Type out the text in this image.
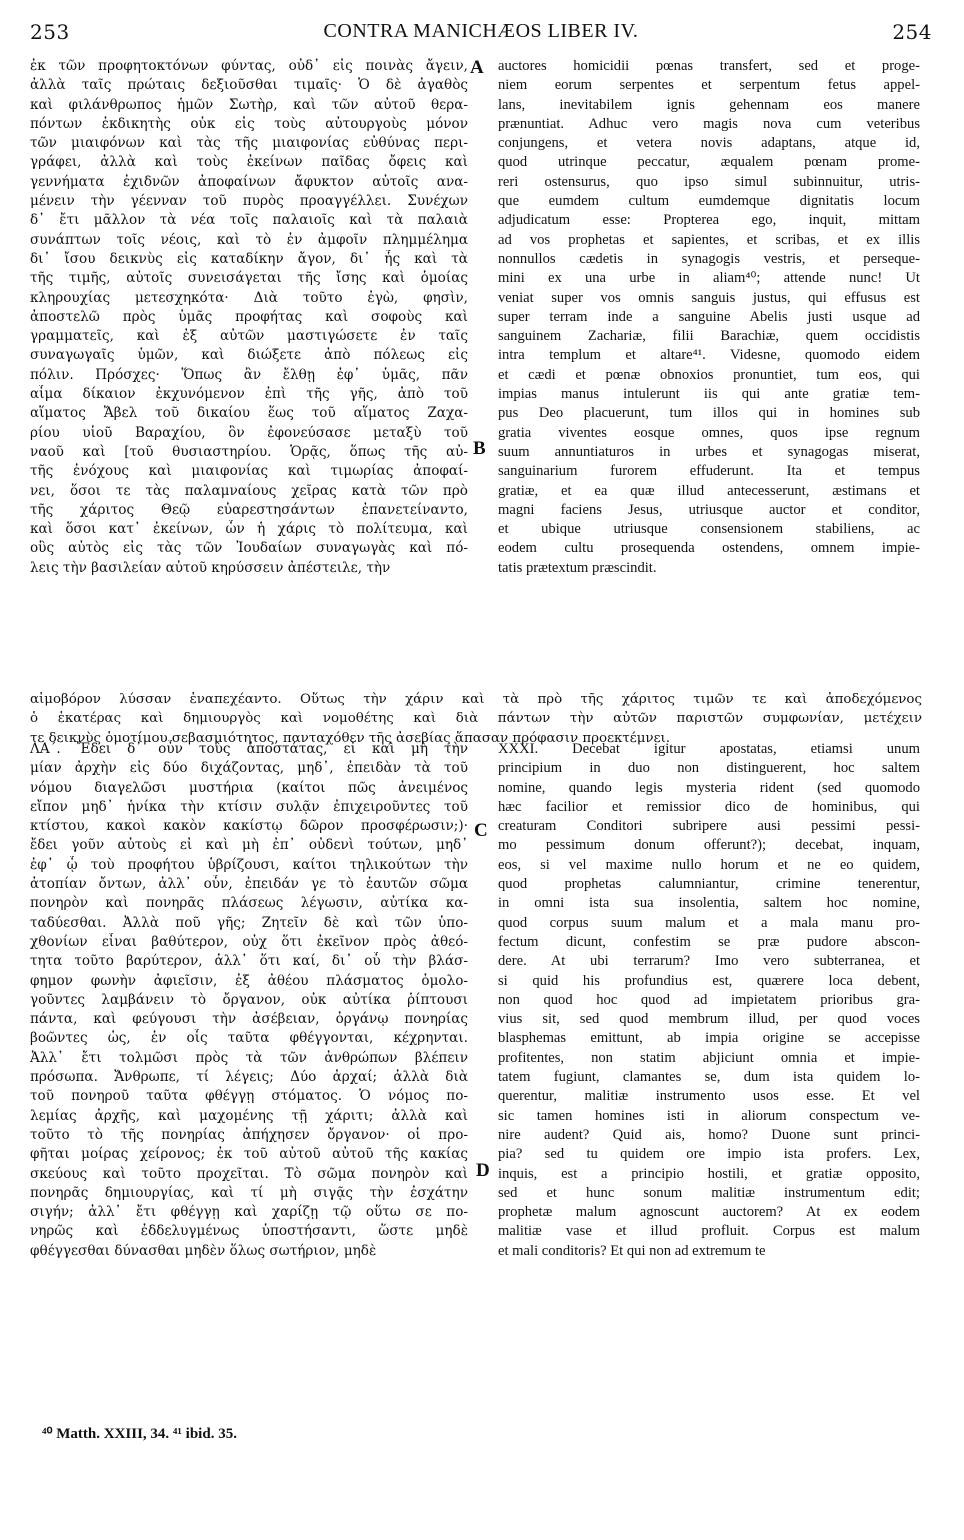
253	CONTRA MANICHÆOS LIBER IV.	254
ἐκ τῶν προφητοκτόνων φύντας, οὐδ᾽ εἰς ποινὰς ἄγειν,
ἀλλὰ ταῖς πρώταις δεξιοῦσθαι τιμαῖς· Ὁ δὲ ἀγαθὸς
καὶ φιλάνθρωπος ἡμῶν Σωτὴρ, καὶ τῶν αὐτοῦ θερα-
πόντων ἐκδικητὴς οὐκ εἰς τοὺς αὐτουργοὺς μόνον
τῶν μιαιφόνων καὶ τὰς τῆς μιαιφονίας εὐθύνας περι-
γράφει, ἀλλὰ καὶ τοὺς ἐκείνων παῖδας ὄφεις καὶ
γεννήματα ἐχιδνῶν ἀποφαίνων ἄφυκτον αὐτοῖς ανα-
μένειν τὴν γέενναν τοῦ πυρὸς προαγγέλλει. Συνέχων
δ᾽ ἔτι μᾶλλον τὰ νέα τοῖς παλαιοῖς καὶ τὰ παλαιὰ
συνάπτων τοῖς νέοις, καὶ τὸ ἐν ἀμφοῖν πλημμέλημα
δι᾽ ἴσου δεικνὺς εἰς καταδίκην ἄγον, δι᾽ ἧς καὶ τὰ
τῆς τιμῆς, αὐτοῖς συνεισάγεται τῆς ἴσης καὶ ὁμοίας
κληρουχίας μετεσχηκότα· Διὰ τοῦτο ἐγὼ, φησὶν,
ἀποστελῶ πρὸς ὑμᾶς προφήτας καὶ σοφοὺς καὶ
γραμματεῖς, καὶ ἐξ αὐτῶν μαστιγώσετε ἐν ταῖς
συναγωγαῖς ὑμῶν, καὶ διώξετε ἀπὸ πόλεως εἰς
πόλιν. Πρόσχες· Ὅπως ἂν ἔλθῃ ἐφ᾽ ὑμᾶς, πᾶν
αἷμα δίκαιον ἐκχυνόμενον ἐπὶ τῆς γῆς, ἀπὸ τοῦ
αἵματος Ἄβελ τοῦ δικαίου ἕως τοῦ αἵματος Ζαχα-
ρίου υἱοῦ Βαραχίου, ὃν ἐφονεύσασε μεταξὺ τοῦ
ναοῦ καὶ [τοῦ θυσιαστηρίου. Ὁρᾷς, ὅπως τῆς αὐ-
τῆς ἐνόχους καὶ μιαιφονίας καὶ τιμωρίας ἀποφαί-
νει, ὅσοι τε τὰς παλαμναίους χεῖρας κατὰ τῶν πρὸ
τῆς χάριτος Θεῷ εὐαρεστησάντων ἐπανετείναντο,
καὶ ὅσοι κατ᾽ ἐκείνων, ὧν ἡ χάρις τὸ πολίτευμα, καὶ
οὓς αὐτὸς εἰς τὰς τῶν Ἰουδαίων συναγωγὰς καὶ πό-
λεις τὴν βασιλείαν αὐτοῦ κηρύσσειν ἀπέστειλε, τὴν
auctores homicidii pœnas transfert, sed et proge-
niem eorum serpentes et serpentum fetus appel-
lans, inevitabilem ignis gehennam eos manere
prænuntiat. Adhuc vero magis nova cum veteribus
conjungens, et vetera novis adaptans, atque id,
quod utrinque peccatur, æqualem pœnam prome-
reri ostensurus, quo ipso simul subinnuitur, utris-
que eumdem cultum eumdemque dignitatis locum
adjudicatum esse: Propterea ego, inquit, mittam
ad vos prophetas et sapientes, et scribas, et ex illis
nonnullos cædetis in synagogis vestris, et perseque-
mini ex una urbe in aliam⁴⁰; attende nunc! Ut
veniat super vos omnis sanguis justus, qui effusus est
super terram inde a sanguine Abelis justi usque ad
sanguinem Zachariæ, filii Barachiæ, quem occidistis
intra templum et altare⁴¹. Videsne, quomodo eidem
et cædi et pœnæ obnoxios pronuntiet, tum eos, qui
impias manus intulerunt iis qui ante gratiæ tem-
pus Deo placuerunt, tum illos qui in homines sub
gratia viventes eosque omnes, quos ipse regnum
suum annuntiaturos in urbes et synagogas miserat,
sanguinarium furorem effuderunt. Ita et tempus
gratiæ, et ea quæ illud antecesserunt, æstimans et
magni faciens Jesus, utriusque auctor et conditor,
et ubique utriusque consensionem stabiliens, ac
eodem cultu prosequenda ostendens, omnem impie-
tatis prætextum præscindit.
αἱμοβόρον λύσσαν ἐναπεχέαντο. Οὕτως τὴν χάριν καὶ τὰ πρὸ τῆς χάριτος τιμῶν τε καὶ ἀποδεχόμενος
ὁ ἑκατέρας καὶ δημιουργὸς καὶ νομοθέτης καὶ διὰ πάντων τὴν αὐτῶν παριστῶν συμφωνίαν, μετέχειν
τε δεικνὺς ὁμοτίμου σεβασμιότητος, πανταχόθεν τῆς ἀσεβίας ἅπασαν πρόφασιν προεκτέμνει.
ΛΑ΄. Ἔδει δ᾽ οὖν τοὺς ἀποστάτας, εἰ καὶ μὴ τὴν
μίαν ἀρχὴν εἰς δύο διχάζοντας, μηδ᾽, ἐπειδὰν τὰ τοῦ
νόμου διαγελῶσι μυστήρια (καίτοι πῶς ἀνειμένος
εἴπον μηδ᾽ ἡνίκα τὴν κτίσιν συλᾷν ἐπιχειροῦντες τοῦ
κτίστου, κακοὶ κακὸν κακίστῳ δῶρον προσφέρωσιν;)·
ἔδει γοῦν αὐτοὺς εἰ καὶ μὴ ἐπ᾽ οὐδενὶ τούτων, μηδ᾽
ἐφ᾽ ᾧ τοὺ προφήτου ὑβρίζουσι, καίτοι τηλικούτων τὴν
ἀτοπίαν ὄντων, ἀλλ᾽ οὖν, ἐπειδάν γε τὸ ἑαυτῶν σῶμα
πονηρὸν καὶ πονηρᾶς πλάσεως λέγωσιν, αὐτίκα κα-
ταδύεσθαι. Ἀλλὰ ποῦ γῆς; Ζητεῖν δὲ καὶ τῶν ὑπο-
χθονίων εἶναι βαθύτερον, οὐχ ὅτι ἐκεῖνον πρὸς ἀθεό-
τητα τοῦτο βαρύτερον, ἀλλ᾽ ὅτι καί, δι᾽ οὗ τὴν βλάσ-
φημον φωνὴν ἀφιεῖσιν, ἐξ ἀθέου πλάσματος ὁμολο-
γοῦντες λαμβάνειν τὸ ὄργανον, οὐκ αὐτίκα ῥίπτουσι
πάντα, καὶ φεύγουσι τὴν ἀσέβειαν, ὀργάνῳ πονηρίας
βοῶντες ὡς, ἐν οἷς ταῦτα φθέγγονται, κέχρηνται.
Ἀλλ᾽ ἔτι τολμῶσι πρὸς τὰ τῶν ἀνθρώπων βλέπειν
πρόσωπα. Ἄνθρωπε, τί λέγεις; Δύο ἀρχαί; ἀλλὰ διὰ
τοῦ πονηροῦ ταῦτα φθέγγῃ στόματος. Ὁ νόμος πο-
λεμίας ἀρχῆς, καὶ μαχομένης τῇ χάριτι; ἀλλὰ καὶ
τοῦτο τὸ τῆς πονηρίας ἀπήχησεν ὄργανον· οἱ προ-
φῆται μοίρας χείρονος; ἐκ τοῦ αὐτοῦ αὐτοῦ τῆς κακίας
σκεύους καὶ τοῦτο προχεῖται. Τὸ σῶμα πονηρὸν καὶ
πονηρᾶς δημιουργίας, καὶ τί μὴ σιγᾷς τὴν ἐσχάτην
σιγήν; ἀλλ᾽ ἔτι φθέγγῃ καὶ χαρίζῃ τῷ οὕτω σε πο-
νηρῶς καὶ ἐδδελυγμένως ὑποστήσαντι, ὥστε μηδὲ
φθέγγεσθαι δύνασθαι μηδὲν ὅλως σωτήριον, μηδὲ
XXXI. Decebat igitur apostatas, etiamsi unum
principium in duo non distinguerent, hoc saltem
nomine, quando legis mysteria rident (sed quomodo
hæc facilior et remissior dico de hominibus, qui
creaturam Conditori subripere ausi pessimi pessi-
mo pessimum donum offerunt?); decebat, inquam,
eos, si vel maxime nullo horum et ne eo quidem,
quod prophetas calumniantur, crimine tenerentur,
in omni ista sua insolentia, saltem hoc nomine,
quod corpus suum malum et a mala manu pro-
fectum dicunt, confestim se præ pudore abscon-
dere. At ubi terrarum? Imo vero subterranea, et
si quid his profundius est, quærere loca debent,
non quod hoc quod ad impietatem prioribus gra-
vius sit, sed quod membrum illud, per quod voces
blasphemas emittunt, ab impia origine se accepisse
profitentes, non statim abjiciunt omnia et impie-
tatem fugiunt, clamantes se, dum ista quidem lo-
querentur, malitiæ instrumento usos esse. Et vel
sic tamen homines isti in aliorum conspectum ve-
nire audent? Quid ais, homo? Duone sunt princi-
pia? sed tu quidem ore impio ista profers. Lex,
inquis, est a principio hostili, et gratiæ opposito,
sed et hunc sonum malitiæ instrumentum edit;
prophetæ malum agnoscunt auctorem? At ex eodem
malitiæ vase et illud profluit. Corpus est malum
et mali conditoris? Et qui non ad extremum te
A
B
C
D
⁴⁰ Matth. XXIII, 34. ⁴¹ ibid. 35.
